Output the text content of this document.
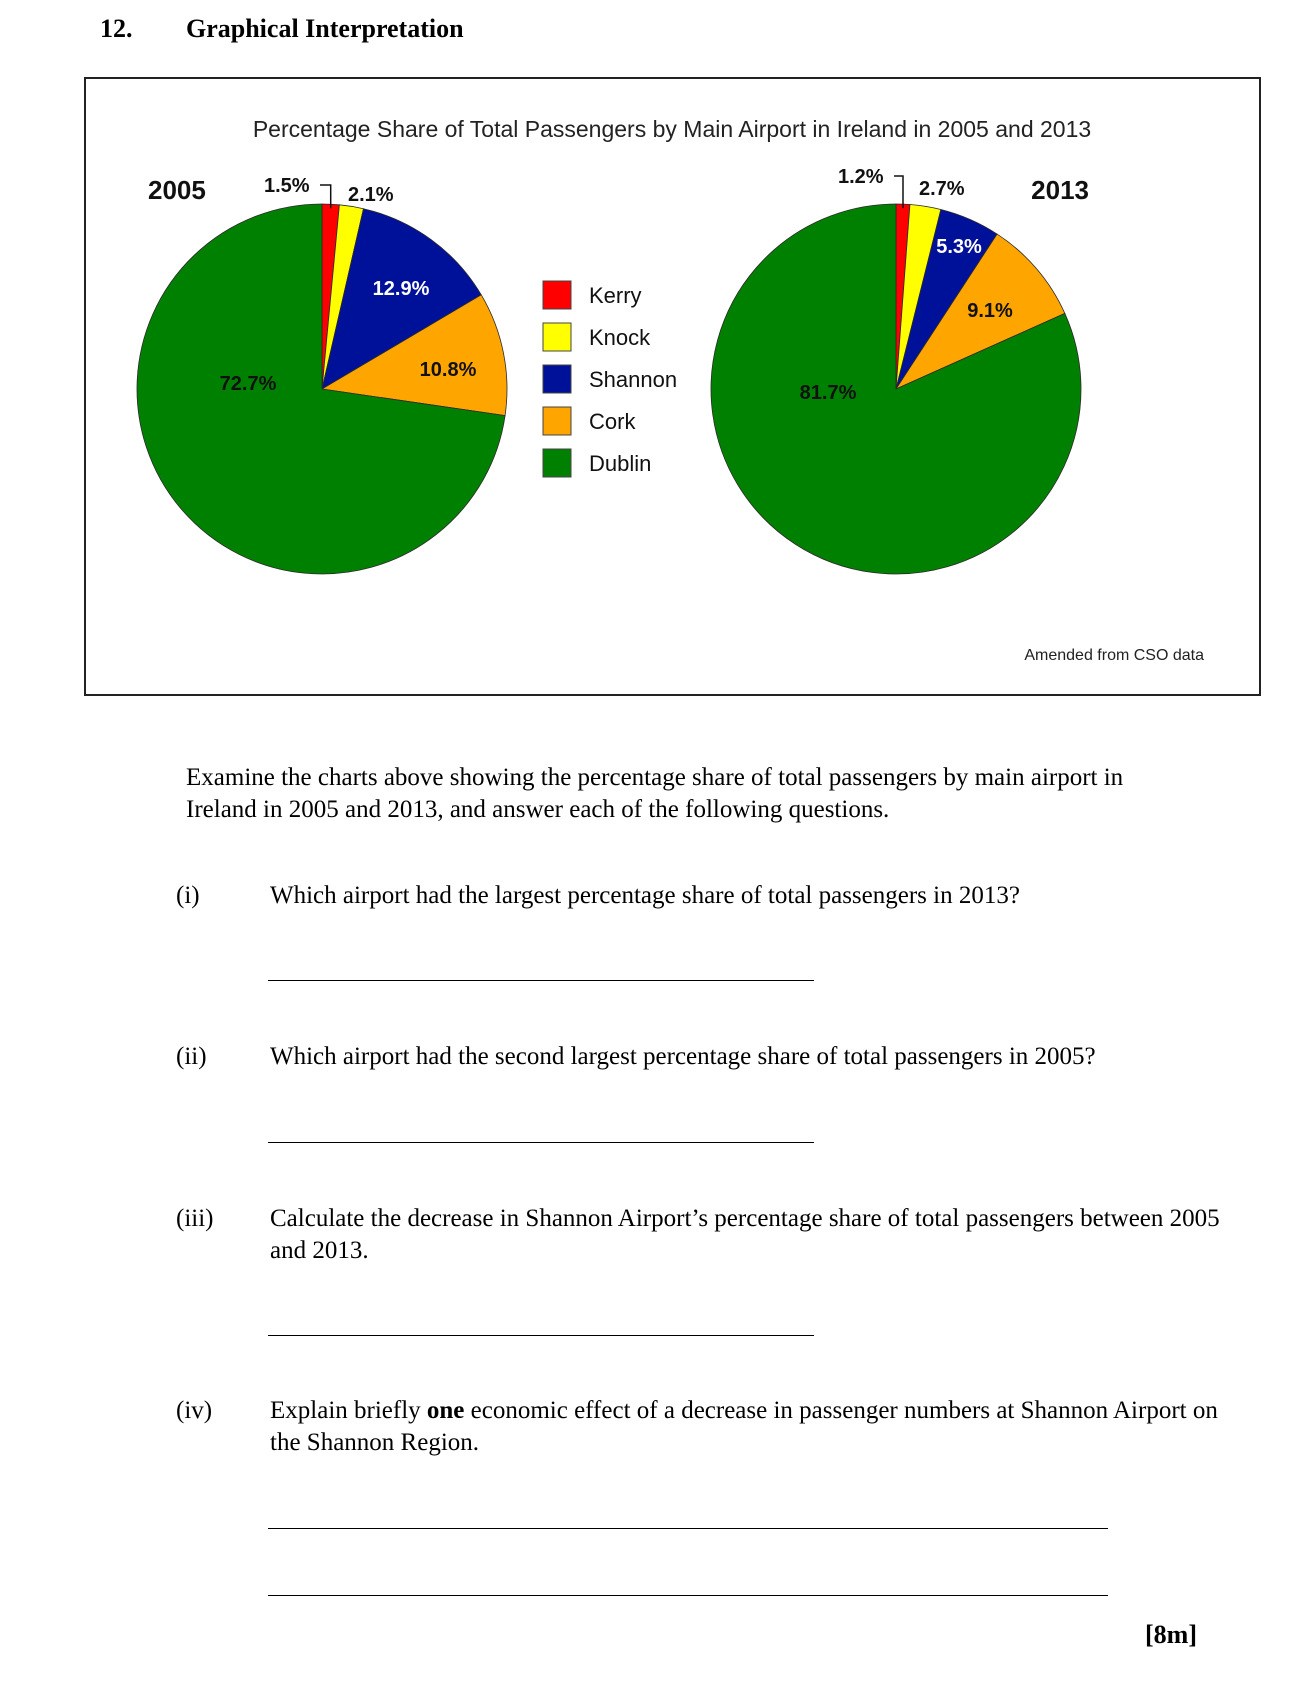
12. Graphical Interpretation
Percentage Share of Total Passengers by Main Airport in Ireland in 2005 and 2013
1.5% 2.1%
12.9%
10.8%
72.7%
2005	1.2%
2.7%
5.3%
9.1%
81.7%
2013
Kerry
Knock
Shannon
Cork
Dublin
Amended from CSO data
Examine the charts above showing the percentage share of total passengers by main airport in Ireland in 2005 and 2013, and answer each of the following questions.
(i)	Which airport had the largest percentage share of total passengers in 2013?
(ii)	Which airport had the second largest percentage share of total passengers in 2005?
(iii) Calculate the decrease in Shannon Airport’s percentage share of total passengers between 2005 and 2013.
(iv) Explain briefly one economic effect of a decrease in passenger numbers at Shannon Airport on the Shannon Region.
[8m]
